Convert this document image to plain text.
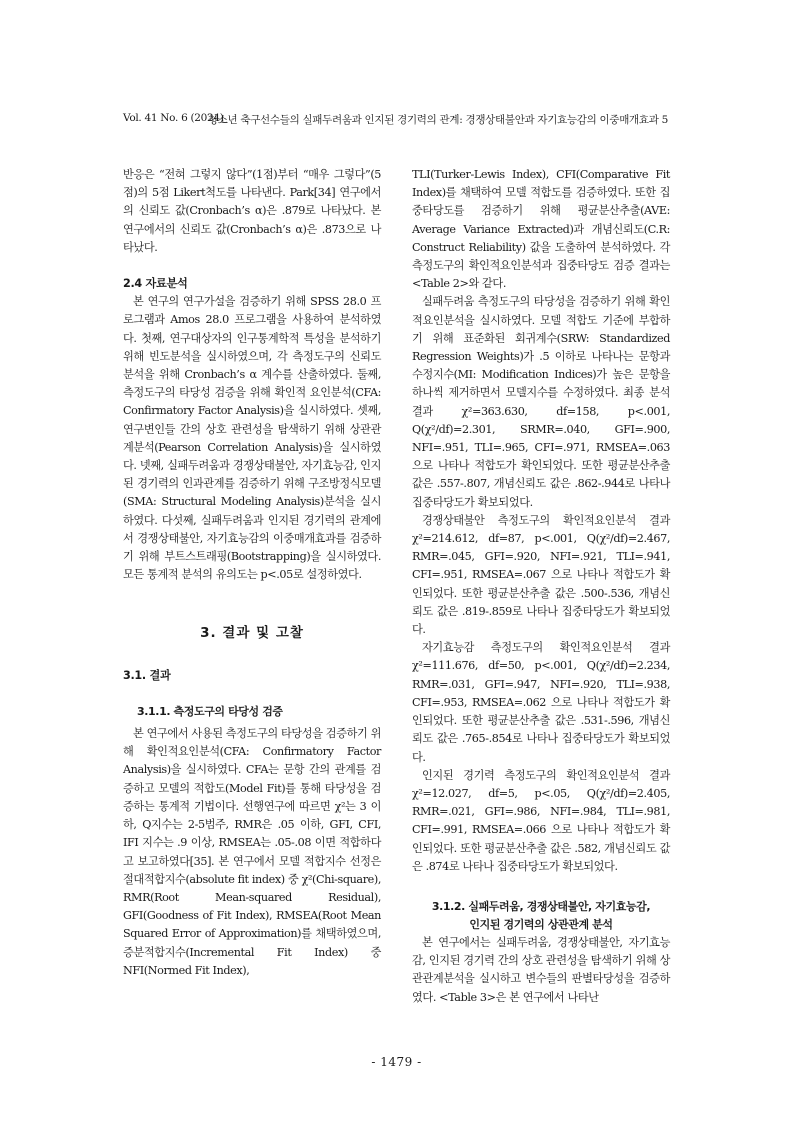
Vol. 41 No. 6 (2024)
청소년 축구선수들의 실패두려움과 인지된 경기력의 관계: 경쟁상태불안과 자기효능감의 이중매개효과 5

반응은 “전혀 그렇지 않다”(1점)부터 “매우 그렇다”(5점)의 5점 Likert척도를 나타낸다. Park[34] 연구에서의 신뢰도 값(Cronbach’s α)은 .879로 나타났다. 본 연구에서의 신뢰도 값(Cronbach’s α)은 .873으로 나타났다.

2.4 자료분석

본 연구의 연구가설을 검증하기 위해 SPSS 28.0 프로그램과 Amos 28.0 프로그램을 사용하여 분석하였다. 첫째, 연구대상자의 인구통계학적 특성을 분석하기 위해 빈도분석을 실시하였으며, 각 측정도구의 신뢰도 분석을 위해 Cronbach’s α 계수를 산출하였다. 둘째, 측정도구의 타당성 검증을 위해 확인적 요인분석(CFA: Confirmatory Factor Analysis)을 실시하였다. 셋째, 연구변인들 간의 상호 관련성을 탐색하기 위해 상관관계분석(Pearson Correlation Analysis)을 실시하였다. 넷째, 실패두려움과 경쟁상태불안, 자기효능감, 인지된 경기력의 인과관계를 검증하기 위해 구조방정식모델(SMA: Structural Modeling Analysis)분석을 실시하였다. 다섯째, 실패두려움과 인지된 경기력의 관계에서 경쟁상태불안, 자기효능감의 이중매개효과를 검증하기 위해 부트스트래핑(Bootstrapping)을 실시하였다. 모든 통계적 분석의 유의도는 p<.05로 설정하였다.

3. 결과 및 고찰
3.1. 결과
3.1.1. 측정도구의 타당성 검증

본 연구에서 사용된 측정도구의 타당성을 검증하기 위해 확인적요인분석(CFA: Confirmatory Factor Analysis)을 실시하였다. CFA는 문항 간의 관계를 검증하고 모델의 적합도(Model Fit)를 통해 타당성을 검증하는 통계적 기법이다. 선행연구에 따르면 χ²는 3 이하, Q지수는 2-5범주, RMR은 .05 이하, GFI, CFI, IFI 지수는 .9 이상, RMSEA는 .05-.08 이면 적합하다고 보고하였다[35]. 본 연구에서 모델 적합지수 선정은 절대적합지수(absolute fit index) 중 χ²(Chi-square), RMR(Root Mean-squared Residual), GFI(Goodness of Fit Index), RMSEA(Root Mean Squared Error of Approximation)를 채택하였으며, 증분적합지수(Incremental Fit Index) 중 NFI(Normed Fit Index),

TLI(Turker-Lewis Index), CFI(Comparative Fit Index)를 채택하여 모델 적합도를 검증하였다. 또한 집중타당도를 검증하기 위해 평균분산추출(AVE: Average Variance Extracted)과 개념신뢰도(C.R: Construct Reliability) 값을 도출하여 분석하였다. 각 측정도구의 확인적요인분석과 집중타당도 검증 결과는 <Table 2>와 같다.

실패두려움 측정도구의 타당성을 검증하기 위해 확인적요인분석을 실시하였다. 모델 적합도 기준에 부합하기 위해 표준화된 회귀계수(SRW: Standardized Regression Weights)가 .5 이하로 나타나는 문항과 수정지수(MI: Modification Indices)가 높은 문항을 하나씩 제거하면서 모델지수를 수정하였다. 최종 분석 결과 χ²=363.630, df=158, p<.001, Q(χ²/df)=2.301, SRMR=.040, GFI=.900, NFI=.951, TLI=.965, CFI=.971, RMSEA=.063으로 나타나 적합도가 확인되었다. 또한 평균분산추출 값은 .557-.807, 개념신뢰도 값은 .862-.944로 나타나 집중타당도가 확보되었다.

경쟁상태불안 측정도구의 확인적요인분석 결과 χ²=214.612, df=87, p<.001, Q(χ²/df)=2.467, RMR=.045, GFI=.920, NFI=.921, TLI=.941, CFI=.951, RMSEA=.067 으로 나타나 적합도가 확인되었다. 또한 평균분산추출 값은 .500-.536, 개념신뢰도 값은 .819-.859로 나타나 집중타당도가 확보되었다.

자기효능감 측정도구의 확인적요인분석 결과 χ²=111.676, df=50, p<.001, Q(χ²/df)=2.234, RMR=.031, GFI=.947, NFI=.920, TLI=.938, CFI=.953, RMSEA=.062 으로 나타나 적합도가 확인되었다. 또한 평균분산추출 값은 .531-.596, 개념신뢰도 값은 .765-.854로 나타나 집중타당도가 확보되었다.

인지된 경기력 측정도구의 확인적요인분석 결과 χ²=12.027, df=5, p<.05, Q(χ²/df)=2.405, RMR=.021, GFI=.986, NFI=.984, TLI=.981, CFI=.991, RMSEA=.066 으로 나타나 적합도가 확인되었다. 또한 평균분산추출 값은 .582, 개념신뢰도 값은 .874로 나타나 집중타당도가 확보되었다.

3.1.2. 실패두려움, 경쟁상태불안, 자기효능감,
인지된 경기력의 상관관계 분석

본 연구에서는 실패두려움, 경쟁상태불안, 자기효능감, 인지된 경기력 간의 상호 관련성을 탐색하기 위해 상관관계분석을 실시하고 변수들의 판별타당성을 검증하였다. <Table 3>은 본 연구에서 나타난

- 1479 -
